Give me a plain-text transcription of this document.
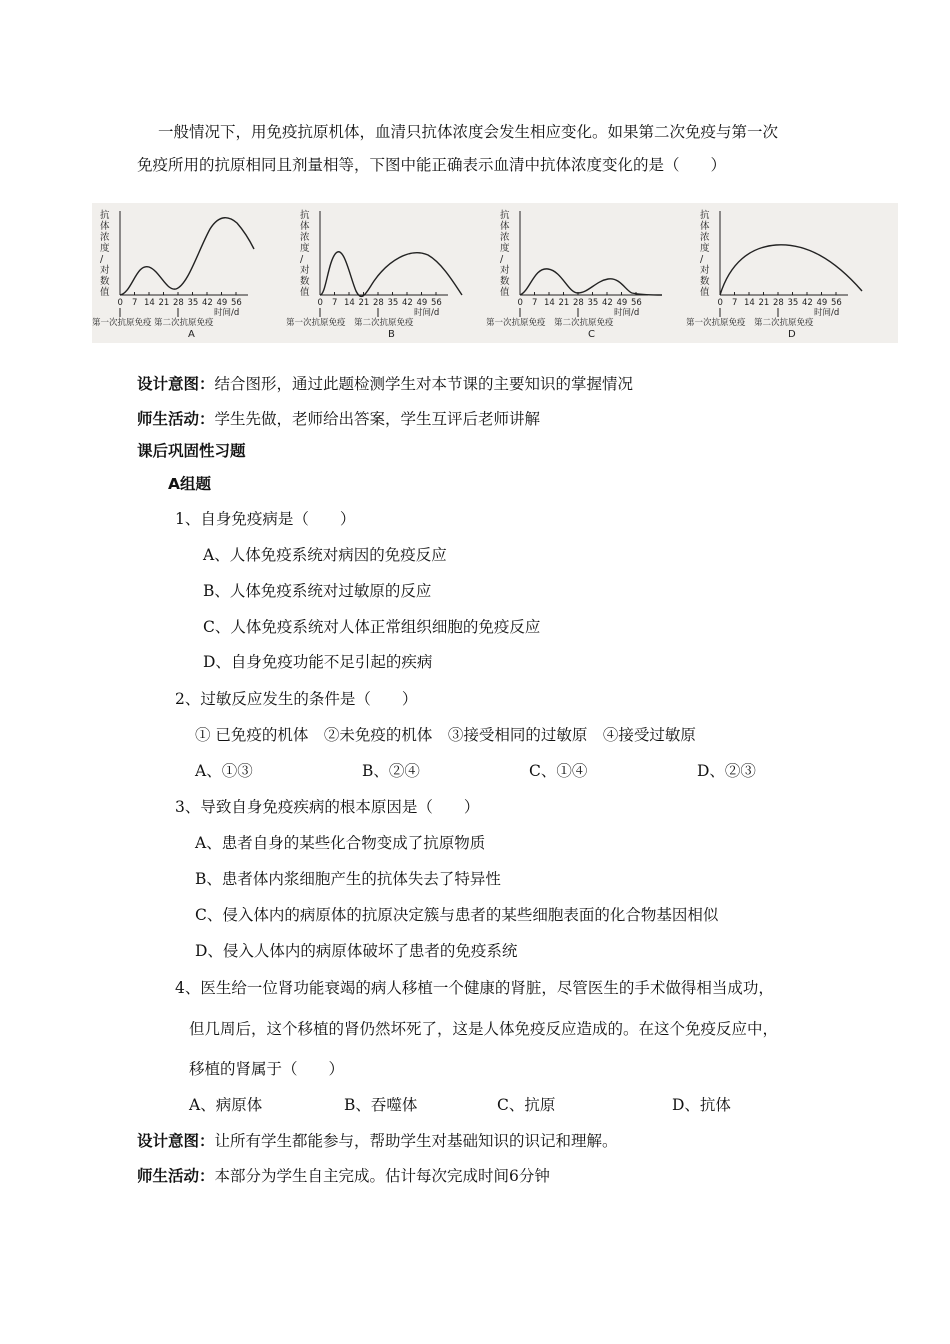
一般情况下，用免疫抗原机体，血清只抗体浓度会发生相应变化。如果第二次免疫与第一次
免疫所用的抗原相同且剂量相等，下图中能正确表示血清中抗体浓度变化的是（　　）
抗
体
浓
度
/
对
数
值
0 7 14 21 28 35 42 49 56
时间/d
第一次抗原免疫 第二次抗原免疫
A
抗
体
浓
度
/
对
数
值
0 7 14 21 28 35 42 49 56
时间/d
第一次抗原免疫 第二次抗原免疫
B
抗
体
浓
度
/
对
数
值
0 7 14 21 28 35 42 49 56
时间/d
第一次抗原免疫 第二次抗原免疫
C
抗
体
浓
度
/
对
数
值
0 7 14 21 28 35 42 49 56
时间/d
第一次抗原免疫 第二次抗原免疫
D
设计意图：结合图形，通过此题检测学生对本节课的主要知识的掌握情况
师生活动：学生先做，老师给出答案，学生互评后老师讲解
课后巩固性习题
A组题
1、自身免疫病是（　　）
A、人体免疫系统对病因的免疫反应
B、人体免疫系统对过敏原的反应
C、人体免疫系统对人体正常组织细胞的免疫反应
D、自身免疫功能不足引起的疾病
2、过敏反应发生的条件是（　　）
① 已免疫的机体　②未免疫的机体　③接受相同的过敏原　④接受过敏原
A、①③	B、②④	C、①④	D、②③
3、导致自身免疫疾病的根本原因是（　　）
A、患者自身的某些化合物变成了抗原物质
B、患者体内浆细胞产生的抗体失去了特异性
C、侵入体内的病原体的抗原决定簇与患者的某些细胞表面的化合物基因相似
D、侵入人体内的病原体破坏了患者的免疫系统
4、医生给一位肾功能衰竭的病人移植一个健康的肾脏，尽管医生的手术做得相当成功，
但几周后，这个移植的肾仍然坏死了，这是人体免疫反应造成的。在这个免疫反应中，
移植的肾属于（　　）
A、病原体	B、吞噬体	C、抗原	D、抗体
设计意图：让所有学生都能参与，帮助学生对基础知识的识记和理解。
师生活动：本部分为学生自主完成。估计每次完成时间6分钟
